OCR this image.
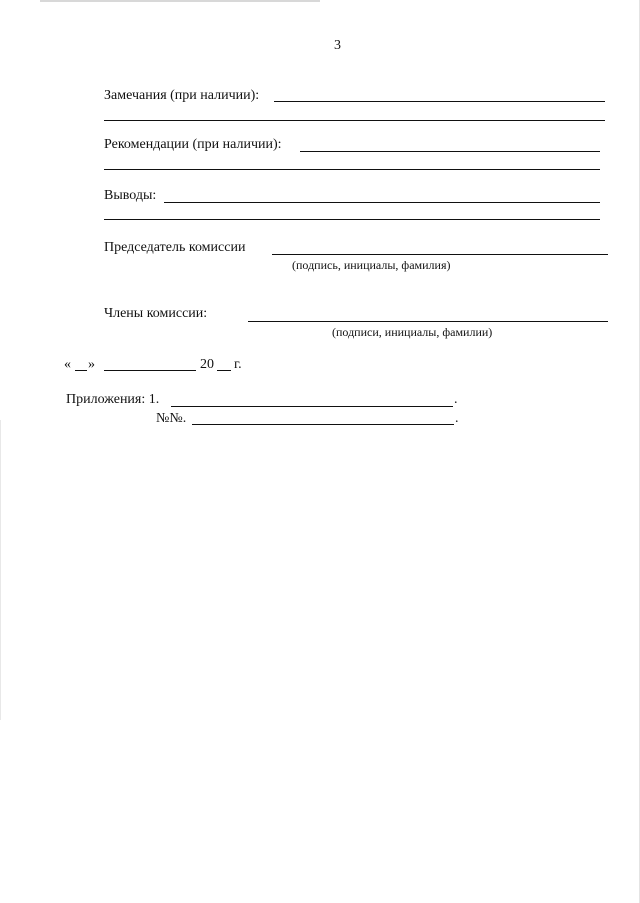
3
Замечания (при наличии):
Рекомендации (при наличии):
Выводы:
Председатель комиссии
(подпись, инициалы, фамилия)
Члены комиссии:
(подписи, инициалы, фамилии)
« »	20 г.
Приложения: 1.	.
№№.	.
